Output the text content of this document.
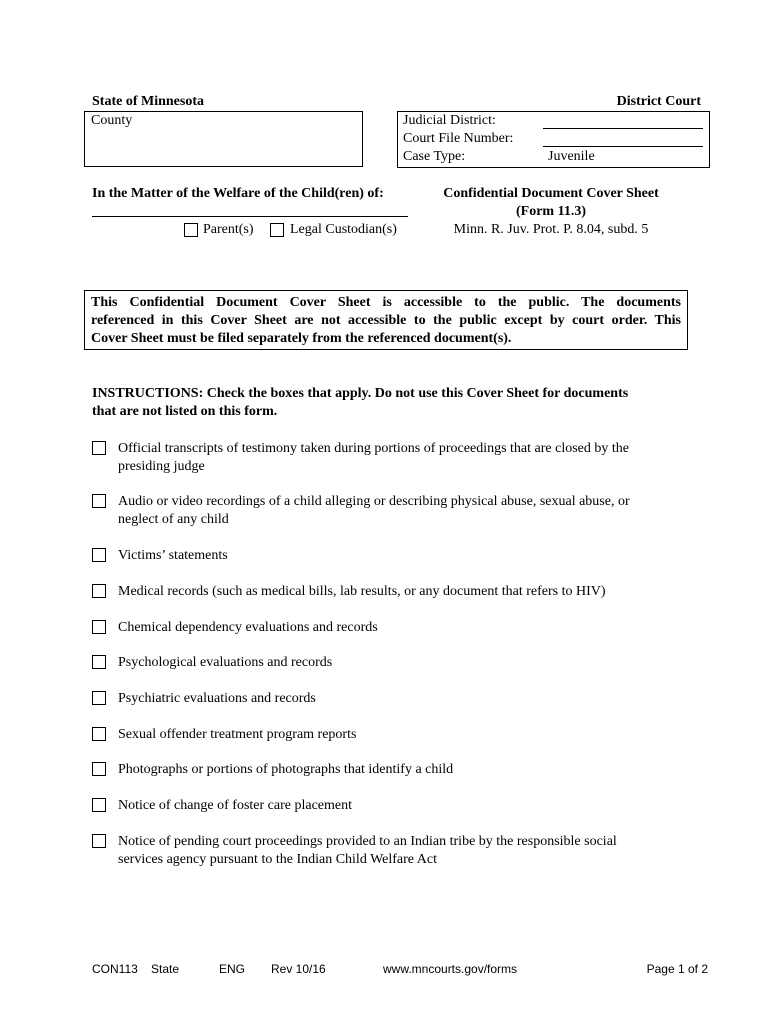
State of Minnesota	District Court
County	Judicial District:
Court File Number:
Case Type:	Juvenile
In the Matter of the Welfare of the Child(ren) of:
Parent(s)	Legal Custodian(s)
Confidential Document Cover Sheet
(Form 11.3)
Minn. R. Juv. Prot. P. 8.04, subd. 5
This Confidential Document Cover Sheet is accessible to the public. The documents
referenced in this Cover Sheet are not accessible to the public except by court order. This
Cover Sheet must be filed separately from the referenced document(s).
INSTRUCTIONS: Check the boxes that apply. Do not use this Cover Sheet for documents
that are not listed on this form.
Official transcripts of testimony taken during portions of proceedings that are closed by the
presiding judge
Audio or video recordings of a child alleging or describing physical abuse, sexual abuse, or
neglect of any child
Victims’ statements
Medical records (such as medical bills, lab results, or any document that refers to HIV)
Chemical dependency evaluations and records
Psychological evaluations and records
Psychiatric evaluations and records
Sexual offender treatment program reports
Photographs or portions of photographs that identify a child
Notice of change of foster care placement
Notice of pending court proceedings provided to an Indian tribe by the responsible social
services agency pursuant to the Indian Child Welfare Act
CON113 State	ENG Rev 10/16	www.mncourts.gov/forms	Page 1 of 2
